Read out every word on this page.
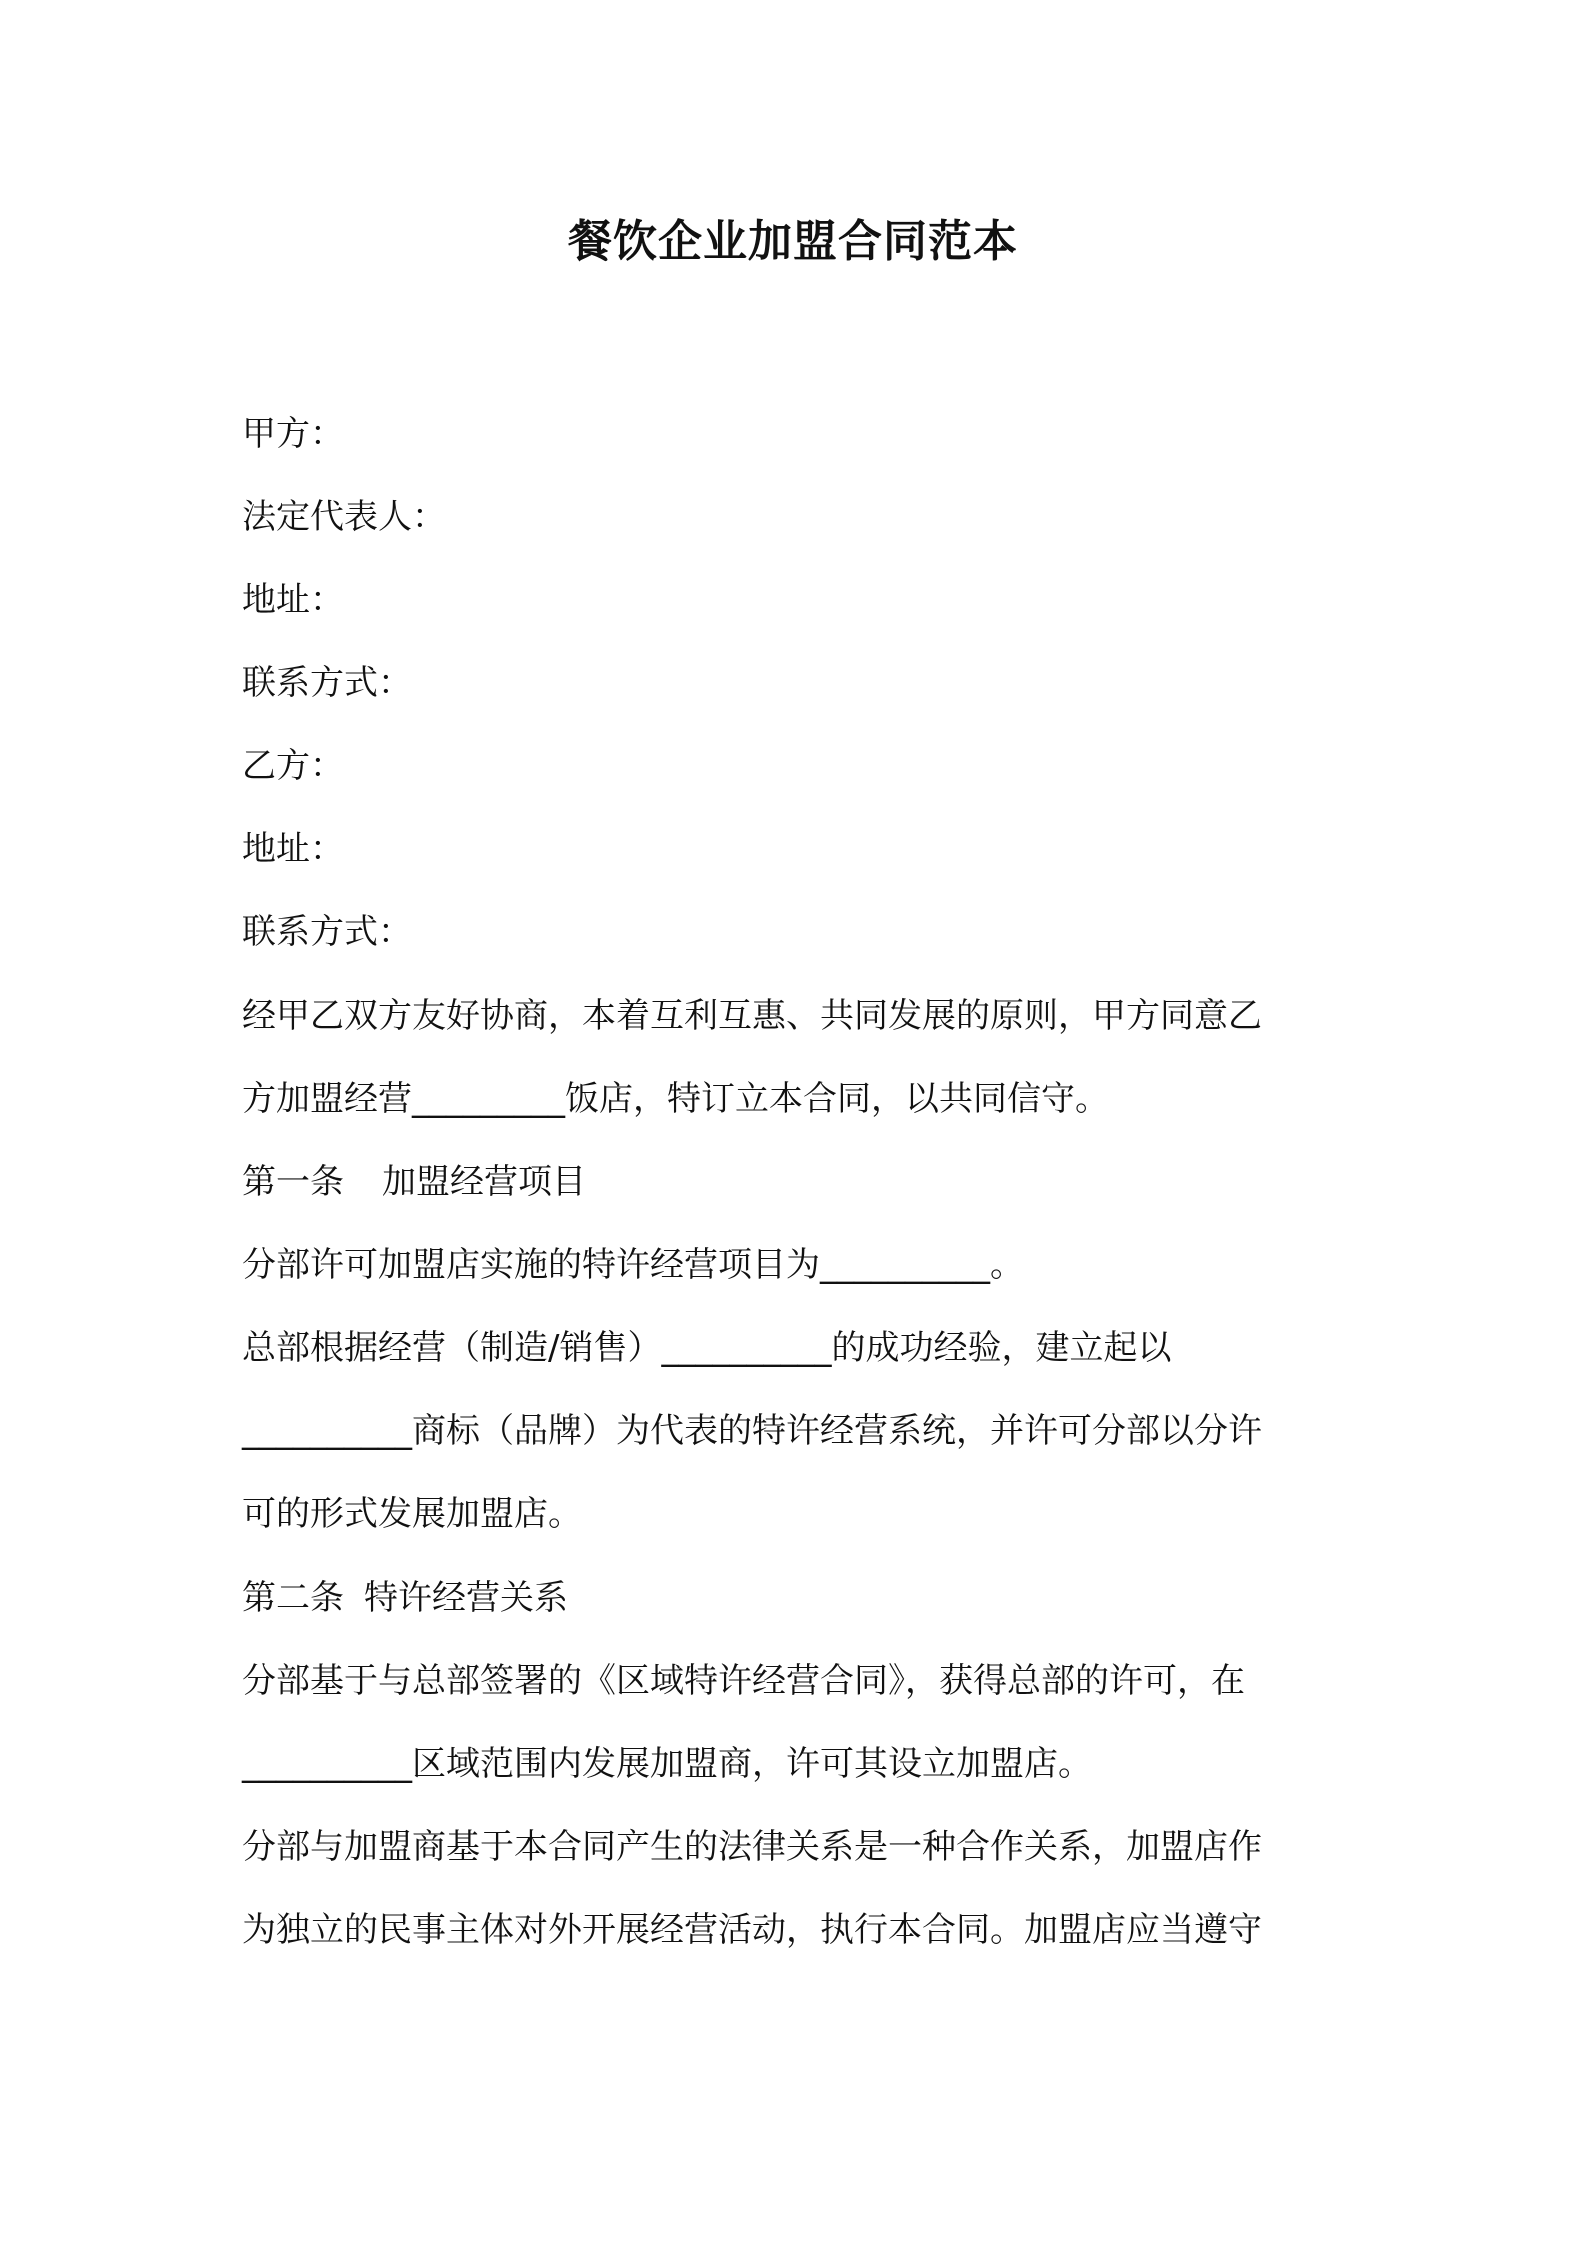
餐饮企业加盟合同范本

甲方：

法定代表人：

地址：

联系方式：

乙方：

地址：

联系方式：

经甲乙双方友好协商，本着互利互惠、共同发展的原则，甲方同意乙

方加盟经营_________饭店，特订立本合同，以共同信守。

第一条 加盟经营项目

分部许可加盟店实施的特许经营项目为__________。

总部根据经营（制造/销售）__________的成功经验，建立起以

__________商标（品牌）为代表的特许经营系统，并许可分部以分许

可的形式发展加盟店。

第二条 特许经营关系

分部基于与总部签署的《区域特许经营合同》，获得总部的许可，在

__________区域范围内发展加盟商，许可其设立加盟店。

分部与加盟商基于本合同产生的法律关系是一种合作关系，加盟店作

为独立的民事主体对外开展经营活动，执行本合同。加盟店应当遵守
